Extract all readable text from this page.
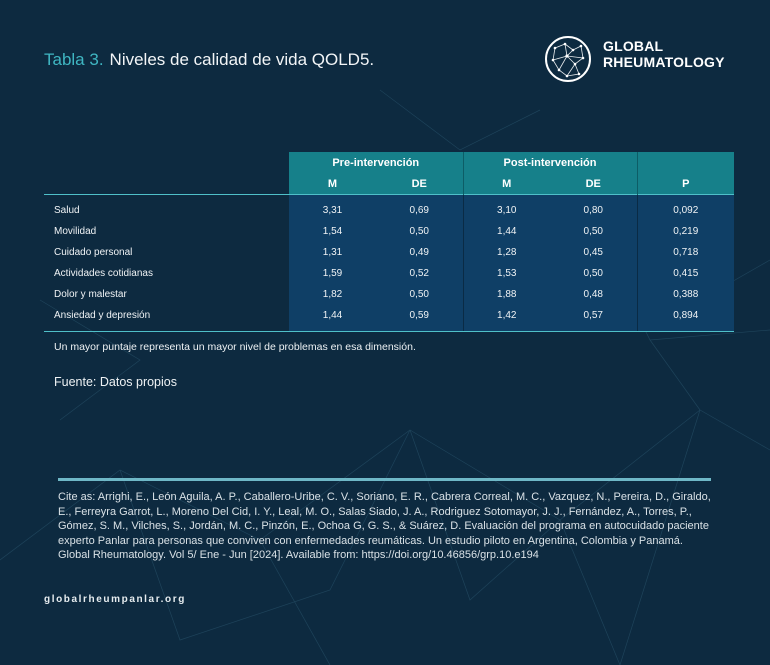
Tabla 3. Niveles de calidad de vida QOLD5.
GLOBAL
RHEUMATOLOGY
	Pre-intervención		Post-intervención		
	M	DE	M	DE	P
Salud	3,31	0,69	3,10	0,80	0,092
Movilidad	1,54	0,50	1,44	0,50	0,219
Cuidado personal	1,31	0,49	1,28	0,45	0,718
Actividades cotidianas	1,59	0,52	1,53	0,50	0,415
Dolor y malestar	1,82	0,50	1,88	0,48	0,388
Ansiedad y depresión	1,44	0,59	1,42	0,57	0,894
Un mayor puntaje representa un mayor nivel de problemas en esa dimensión.
Fuente: Datos propios
Cite as: Arrighi, E., León Aguila, A. P., Caballero-Uribe, C. V., Soriano, E. R., Cabrera Correal, M. C., Vazquez, N., Pereira, D., Giraldo, E., Ferreyra Garrot, L., Moreno Del Cid, I. Y., Leal, M. O., Salas Siado, J. A., Rodriguez Sotomayor, J. J., Fernández, A., Torres, P., Gómez, S. M., Vilches, S., Jordán, M. C., Pinzón, E., Ochoa G, G. S., & Suárez, D. Evaluación del programa en autocuidado paciente experto Panlar para personas que conviven con enfermedades reumáticas. Un estudio piloto en Argentina, Colombia y Panamá. Global Rheumatology. Vol 5/ Ene - Jun [2024]. Available from: https://doi.org/10.46856/grp.10.e194
globalrheumpanlar.org
